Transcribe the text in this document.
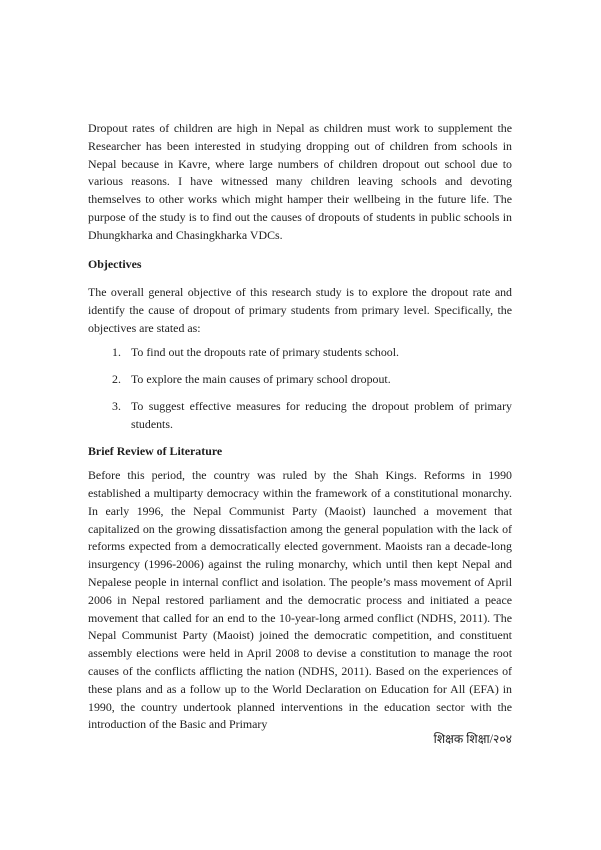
Dropout rates of children are high in Nepal as children must work to supplement the Researcher has been interested in studying dropping out of children from schools in Nepal because in Kavre, where large numbers of children dropout out school due to various reasons. I have witnessed many children leaving schools and devoting themselves to other works which might hamper their wellbeing in the future life. The purpose of the study is to find out the causes of dropouts of students in public schools in Dhungkharka and Chasingkharka VDCs.

Objectives

The overall general objective of this research study is to explore the dropout rate and identify the cause of dropout of primary students from primary level. Specifically, the objectives are stated as:

1. To find out the dropouts rate of primary students school.
2. To explore the main causes of primary school dropout.
3. To suggest effective measures for reducing the dropout problem of primary students.
Brief Review of Literature

Before this period, the country was ruled by the Shah Kings. Reforms in 1990 established a multiparty democracy within the framework of a constitutional monarchy. In early 1996, the Nepal Communist Party (Maoist) launched a movement that capitalized on the growing dissatisfaction among the general population with the lack of reforms expected from a democratically elected government. Maoists ran a decade-long insurgency (1996-2006) against the ruling monarchy, which until then kept Nepal and Nepalese people in internal conflict and isolation. The people’s mass movement of April 2006 in Nepal restored parliament and the democratic process and initiated a peace movement that called for an end to the 10-year-long armed conflict (NDHS, 2011). The Nepal Communist Party (Maoist) joined the democratic competition, and constituent assembly elections were held in April 2008 to devise a constitution to manage the root causes of the conflicts afflicting the nation (NDHS, 2011). Based on the experiences of these plans and as a follow up to the World Declaration on Education for All (EFA) in 1990, the country undertook planned interventions in the education sector with the introduction of the Basic and Primary

शिक्षक शिक्षा/२०४
